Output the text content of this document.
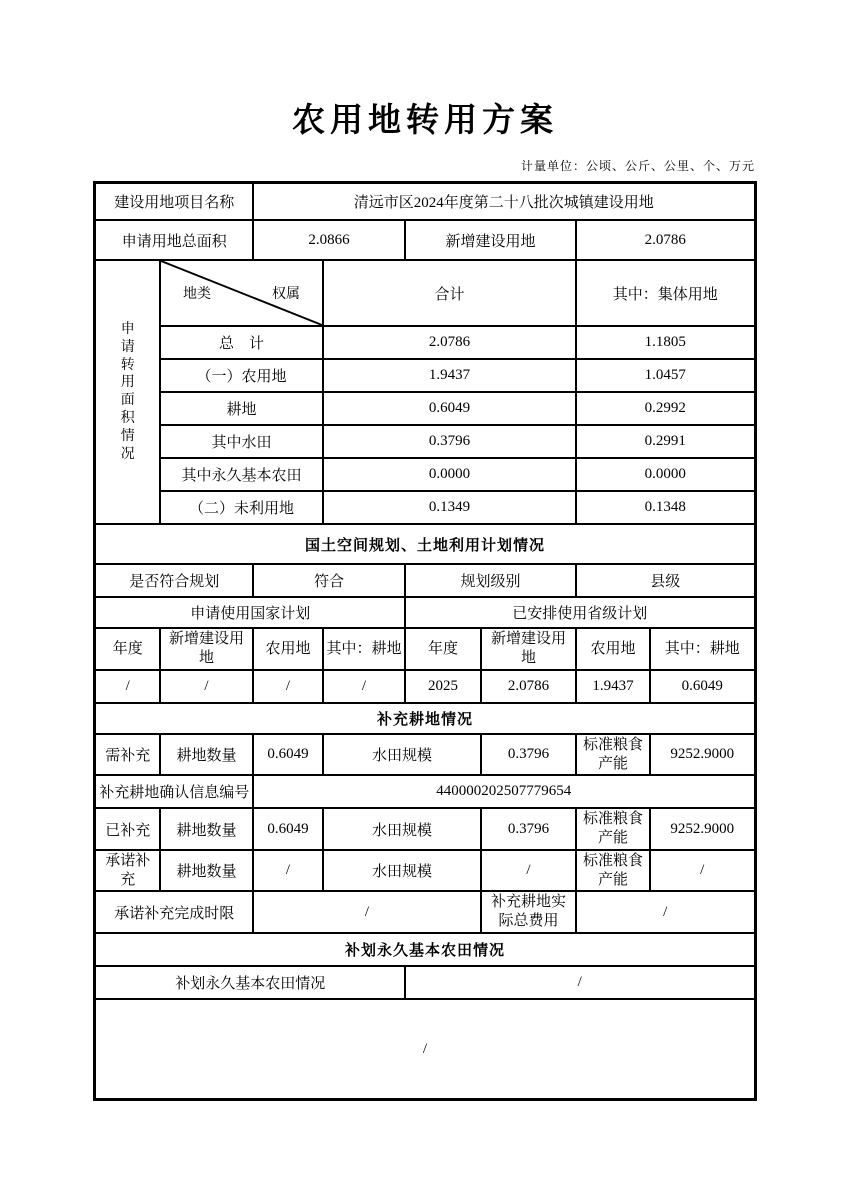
农用地转用方案
计量单位：公顷、公斤、公里、个、万元
建设用地项目名称		清远市区2024年度第二十八批次城镇建设用地					
申请用地总面积		2.0866		新增建设用地		2.0786	
申请转用面积情况	地类 权属		合计			其中：集体用地	
	总　计		2.0786			1.1805	
	（一）农用地		1.9437			1.0457	
	耕地		0.6049			0.2992	
	其中水田		0.3796			0.2991	
	其中永久基本农田		0.0000			0.0000	
	（二）未利用地		0.1349			0.1348	
国土空间规划、土地利用计划情况							
是否符合规划		符合		规划级别		县级	
申请使用国家计划				已安排使用省级计划			
年度	新增建设用地	农用地	其中：耕地	年度	新增建设用地	农用地	其中：耕地
/	/	/	/	2025	2.0786	1.9437	0.6049
补充耕地情况							
需补充	耕地数量	0.6049	水田规模		0.3796	标准粮食产能	9252.9000
补充耕地确认信息编号		440000202507779654					
已补充	耕地数量	0.6049	水田规模		0.3796	标准粮食产能	9252.9000
承诺补充	耕地数量	/	水田规模		/	标准粮食产能	/
承诺补充完成时限		/			补充耕地实际总费用	/	
补划永久基本农田情况							
补划永久基本农田情况				/			
/							
